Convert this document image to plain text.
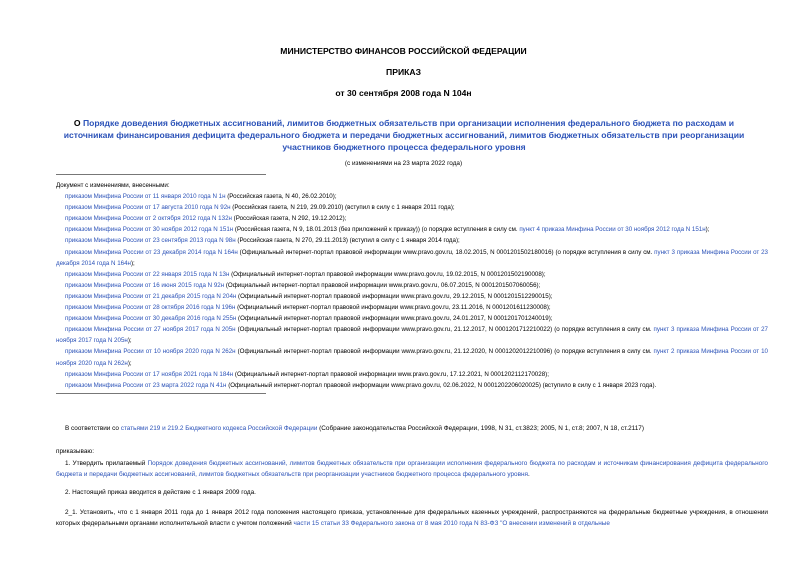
МИНИСТЕРСТВО ФИНАНСОВ РОССИЙСКОЙ ФЕДЕРАЦИИ
ПРИКАЗ
от 30 сентября 2008 года N 104н
О Порядке доведения бюджетных ассигнований, лимитов бюджетных обязательств при организации исполнения федерального бюджета по расходам и источникам финансирования дефицита федерального бюджета и передачи бюджетных ассигнований, лимитов бюджетных обязательств при реорганизации участников бюджетного процесса федерального уровня
(с изменениями на 23 марта 2022 года)
Документ с изменениями, внесенными:
приказом Минфина России от 11 января 2010 года N 1н (Российская газета, N 40, 26.02.2010);
приказом Минфина России от 17 августа 2010 года N 92н (Российская газета, N 219, 29.09.2010) (вступил в силу с 1 января 2011 года);
приказом Минфина России от 2 октября 2012 года N 132н (Российская газета, N 292, 19.12.2012);
приказом Минфина России от 30 ноября 2012 года N 151н (Российская газета, N 9, 18.01.2013 (без приложений к приказу)) (о порядке вступления в силу см. пункт 4 приказа Минфина России от 30 ноября 2012 года N 151н);
приказом Минфина России от 23 сентября 2013 года N 98н (Российская газета, N 270, 29.11.2013) (вступил в силу с 1 января 2014 года);
приказом Минфина России от 23 декабря 2014 года N 164н (Официальный интернет-портал правовой информации www.pravo.gov.ru, 18.02.2015, N 0001201502180016) (о порядке вступления в силу см. пункт 3 приказа Минфина России от 23 декабря 2014 года N 164н);
приказом Минфина России от 22 января 2015 года N 13н (Официальный интернет-портал правовой информации www.pravo.gov.ru, 19.02.2015, N 0001201502190008);
приказом Минфина России от 16 июня 2015 года N 92н (Официальный интернет-портал правовой информации www.pravo.gov.ru, 06.07.2015, N 0001201507060056);
приказом Минфина России от 21 декабря 2015 года N 204н (Официальный интернет-портал правовой информации www.pravo.gov.ru, 29.12.2015, N 0001201512290015);
приказом Минфина России от 28 октября 2016 года N 196н (Официальный интернет-портал правовой информации www.pravo.gov.ru, 23.11.2016, N 0001201611230008);
приказом Минфина России от 30 декабря 2016 года N 255н (Официальный интернет-портал правовой информации www.pravo.gov.ru, 24.01.2017, N 0001201701240019);
приказом Минфина России от 27 ноября 2017 года N 205н (Официальный интернет-портал правовой информации www.pravo.gov.ru, 21.12.2017, N 0001201712210022) (о порядке вступления в силу см. пункт 3 приказа Минфина России от 27 ноября 2017 года N 205н);
приказом Минфина России от 10 ноября 2020 года N 262н (Официальный интернет-портал правовой информации www.pravo.gov.ru, 21.12.2020, N 0001202012210096) (о порядке вступления в силу см. пункт 2 приказа Минфина России от 10 ноября 2020 года N 262н);
приказом Минфина России от 17 ноября 2021 года N 184н (Официальный интернет-портал правовой информации www.pravo.gov.ru, 17.12.2021, N 0001202112170028);
приказом Минфина России от 23 марта 2022 года N 41н (Официальный интернет-портал правовой информации www.pravo.gov.ru, 02.06.2022, N 0001202206020025) (вступило в силу с 1 января 2023 года).
В соответствии со статьями 219 и 219.2 Бюджетного кодекса Российской Федерации (Собрание законодательства Российской Федерации, 1998, N 31, ст.3823; 2005, N 1, ст.8; 2007, N 18, ст.2117)
приказываю:
1. Утвердить прилагаемый Порядок доведения бюджетных ассигнований, лимитов бюджетных обязательств при организации исполнения федерального бюджета по расходам и источникам финансирования дефицита федерального бюджета и передачи бюджетных ассигнований, лимитов бюджетных обязательств при реорганизации участников бюджетного процесса федерального уровня.
2. Настоящий приказ вводится в действие с 1 января 2009 года.
2_1. Установить, что с 1 января 2011 года до 1 января 2012 года положения настоящего приказа, установленные для федеральных казенных учреждений, распространяются на федеральные бюджетные учреждения, в отношении которых федеральными органами исполнительной власти с учетом положений части 15 статьи 33 Федерального закона от 8 мая 2010 года N 83-ФЗ "О внесении изменений в отдельные
